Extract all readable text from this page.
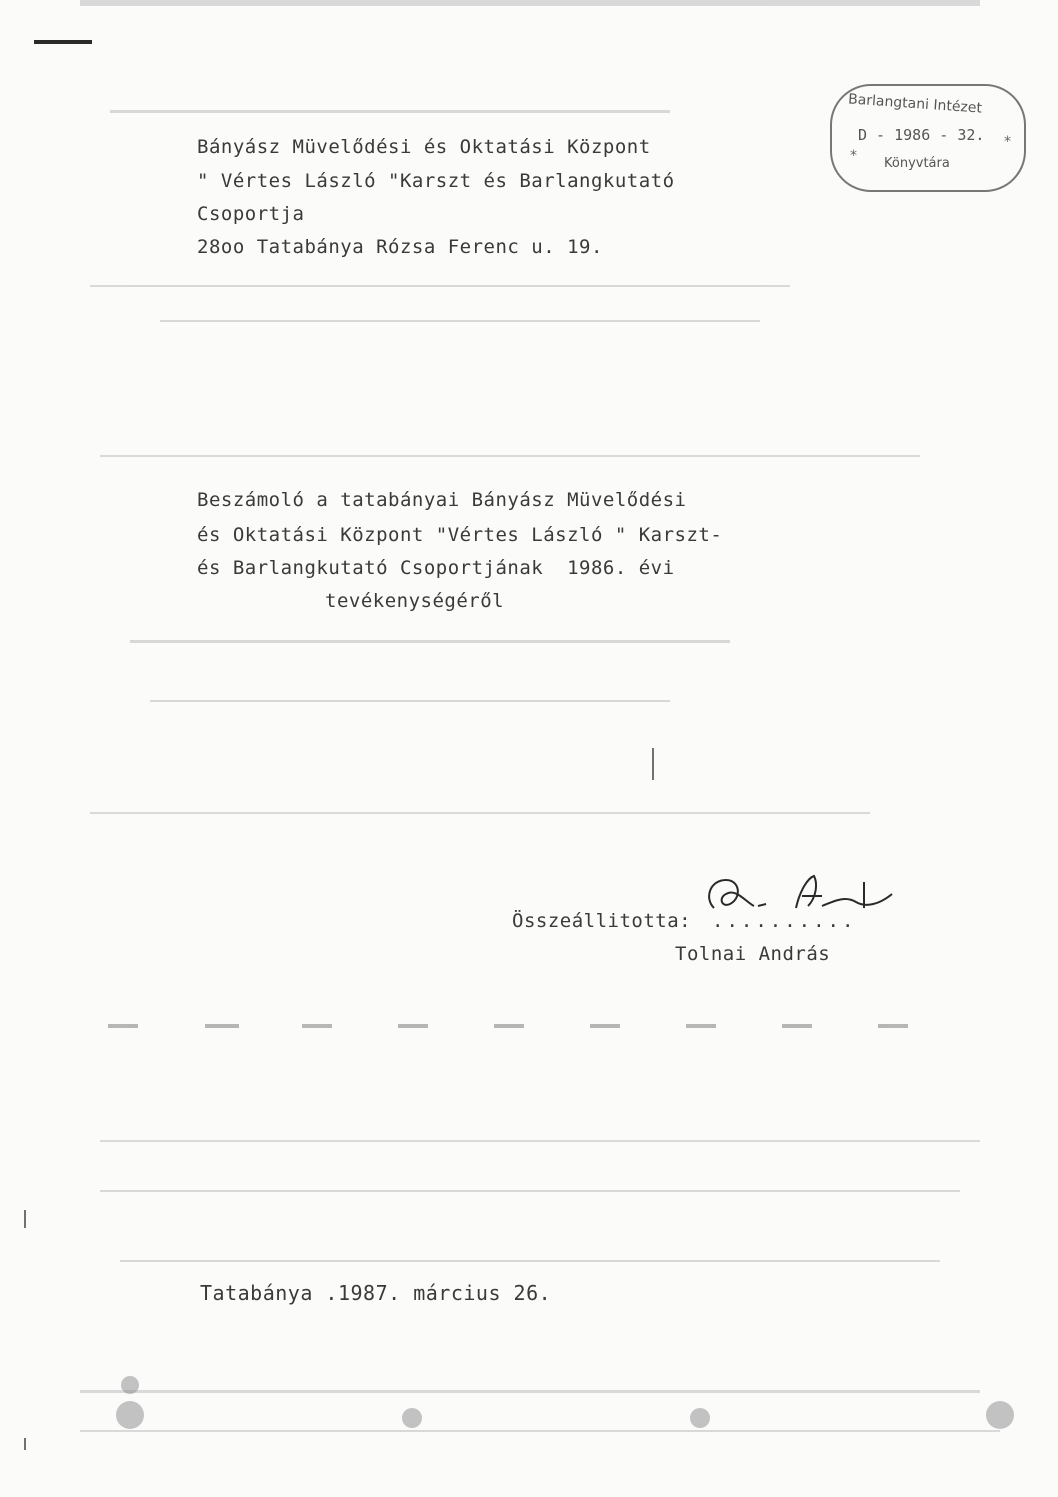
*
*
Barlangtani Intézet
D - 1986 - 32.
Könyvtára
Bányász Müvelődési és Oktatási Központ
" Vértes László "Karszt és Barlangkutató
Csoportja
28oo Tatabánya Rózsa Ferenc u. 19.
Beszámoló a tatabányai Bányász Müvelődési
és Oktatási Központ "Vértes László " Karszt-
és Barlangkutató Csoportjának  1986. évi
tevékenységéről
Összeállitotta: ..........
Tolnai András
Tatabánya .1987. március 26.
